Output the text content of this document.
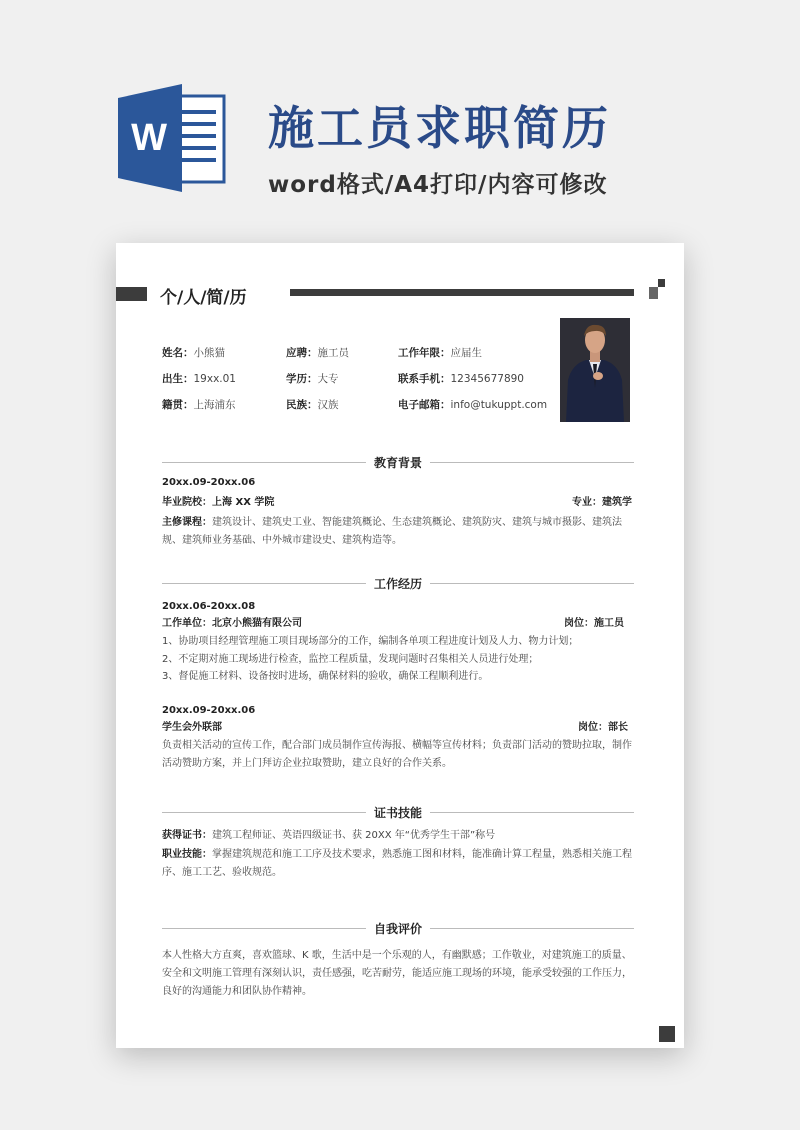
W 施工员求职简历
word格式/A4打印/内容可修改
个/人/简/历
姓名：小熊猫	应聘：施工员	工作年限：应届生
出生：19xx.01	学历：大专	联系手机：12345677890
籍贯：上海浦东	民族：汉族	电子邮箱：info@tukuppt.com
教育背景
20xx.09-20xx.06
毕业院校：上海 XX 学院	专业：建筑学
主修课程：建筑设计、建筑史工业、智能建筑概论、生态建筑概论、建筑防灾、建筑与城市摄影、建筑法规、建筑师业务基础、中外城市建设史、建筑构造等。
工作经历
20xx.06-20xx.08
工作单位：北京小熊猫有限公司	岗位：施工员
1、协助项目经理管理施工项目现场部分的工作，编制各单项工程进度计划及人力、物力计划；
2、不定期对施工现场进行检查，监控工程质量，发现问题时召集相关人员进行处理；
3、督促施工材料、设备按时进场，确保材料的验收，确保工程顺利进行。
20xx.09-20xx.06
学生会外联部	岗位：部长
负责相关活动的宣传工作，配合部门成员制作宣传海报、横幅等宣传材料；负责部门活动的赞助拉取，制作活动赞助方案，并上门拜访企业拉取赞助，建立良好的合作关系。
证书技能
获得证书：建筑工程师证、英语四级证书、获 20XX 年“优秀学生干部”称号
职业技能：掌握建筑规范和施工工序及技术要求，熟悉施工图和材料，能准确计算工程量，熟悉相关施工程序、施工工艺、验收规范。
自我评价
本人性格大方直爽，喜欢篮球、K 歌，生活中是一个乐观的人，有幽默感；工作敬业，对建筑施工的质量、安全和文明施工管理有深刻认识，责任感强，吃苦耐劳，能适应施工现场的环境，能承受较强的工作压力，良好的沟通能力和团队协作精神。
